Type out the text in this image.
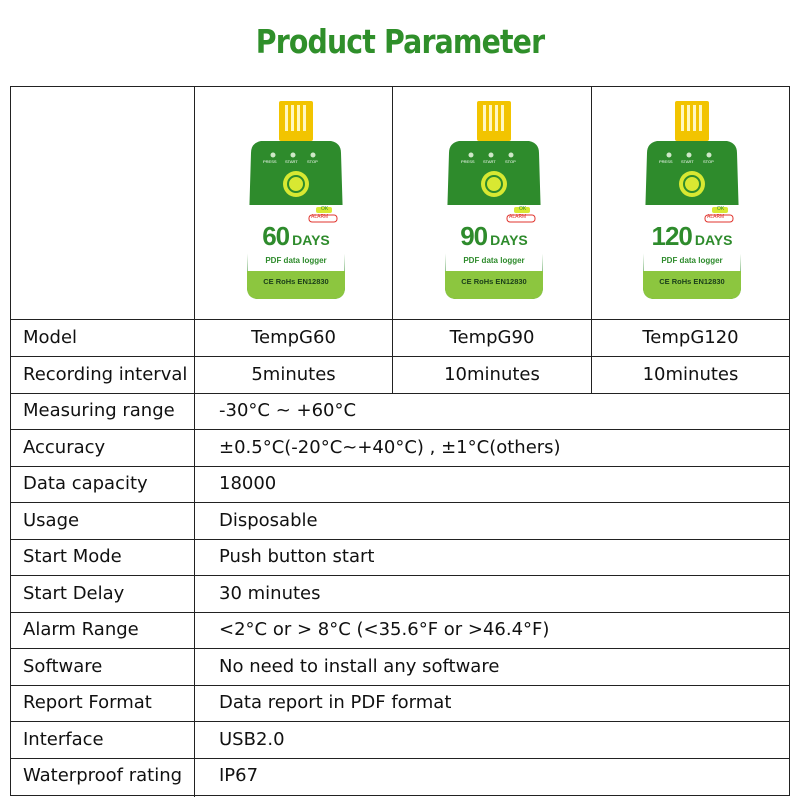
Product Parameter
ALARM
OK
PRESS START STOP
60 DAYS
PDF data logger
CE RoHs EN12830
ALARM
OK
PRESS START STOP
90 DAYS
PDF data logger
CE RoHs EN12830
ALARM
OK
PRESS START STOP
120 DAYS
PDF data logger
CE RoHs EN12830
Model	TempG60	TempG90	TempG120
Recording interval	5minutes	10minutes	10minutes
Measuring range -30°C ~ +60°C
Accuracy	±0.5°C(-20°C~+40°C) , ±1°C(others)
Data capacity	18000
Usage	Disposable
Start Mode	Push button start
Start Delay	30 minutes
Alarm Range	<2°C or > 8°C (<35.6°F or >46.4°F)
Software	No need to install any software
Report Format	Data report in PDF format
Interface	USB2.0
Waterproof rating IP67
